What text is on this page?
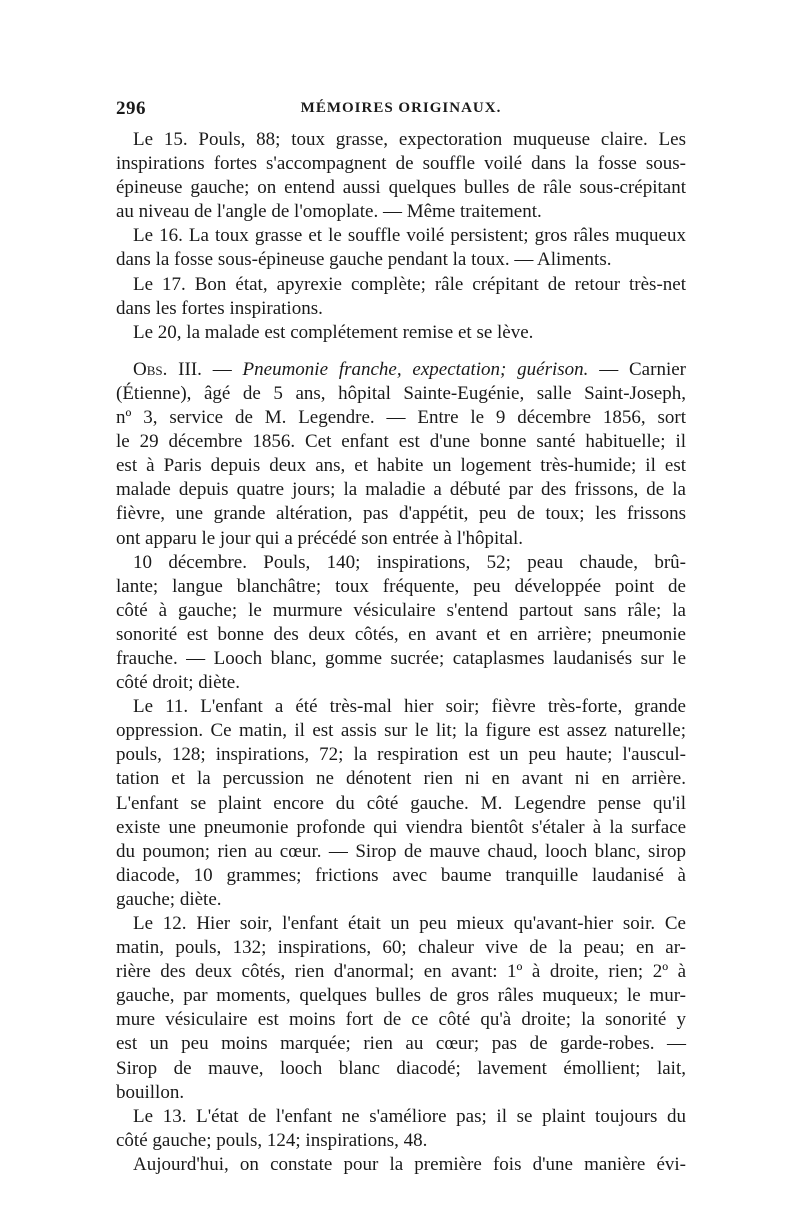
296	MÉMOIRES ORIGINAUX.
Le 15. Pouls, 88; toux grasse, expectoration muqueuse claire. Les
inspirations fortes s'accompagnent de souffle voilé dans la fosse sous-
épineuse gauche; on entend aussi quelques bulles de râle sous-crépitant
au niveau de l'angle de l'omoplate. — Même traitement.
Le 16. La toux grasse et le souffle voilé persistent; gros râles muqueux
dans la fosse sous-épineuse gauche pendant la toux. — Aliments.
Le 17. Bon état, apyrexie complète; râle crépitant de retour très-net
dans les fortes inspirations.
Le 20, la malade est complétement remise et se lève.
Obs. III. — Pneumonie franche, expectation; guérison. — Carnier
(Étienne), âgé de 5 ans, hôpital Sainte-Eugénie, salle Saint-Joseph,
nº 3, service de M. Legendre. — Entre le 9 décembre 1856, sort
le 29 décembre 1856. Cet enfant est d'une bonne santé habituelle; il
est à Paris depuis deux ans, et habite un logement très-humide; il est
malade depuis quatre jours; la maladie a débuté par des frissons, de la
fièvre, une grande altération, pas d'appétit, peu de toux; les frissons
ont apparu le jour qui a précédé son entrée à l'hôpital.
10 décembre. Pouls, 140; inspirations, 52; peau chaude, brû-
lante; langue blanchâtre; toux fréquente, peu développée point de
côté à gauche; le murmure vésiculaire s'entend partout sans râle; la
sonorité est bonne des deux côtés, en avant et en arrière; pneumonie
frauche. — Looch blanc, gomme sucrée; cataplasmes laudanisés sur le
côté droit; diète.
Le 11. L'enfant a été très-mal hier soir; fièvre très-forte, grande
oppression. Ce matin, il est assis sur le lit; la figure est assez naturelle;
pouls, 128; inspirations, 72; la respiration est un peu haute; l'auscul-
tation et la percussion ne dénotent rien ni en avant ni en arrière.
L'enfant se plaint encore du côté gauche. M. Legendre pense qu'il
existe une pneumonie profonde qui viendra bientôt s'étaler à la surface
du poumon; rien au cœur. — Sirop de mauve chaud, looch blanc, sirop
diacode, 10 grammes; frictions avec baume tranquille laudanisé à
gauche; diète.
Le 12. Hier soir, l'enfant était un peu mieux qu'avant-hier soir. Ce
matin, pouls, 132; inspirations, 60; chaleur vive de la peau; en ar-
rière des deux côtés, rien d'anormal; en avant: 1º à droite, rien; 2º à
gauche, par moments, quelques bulles de gros râles muqueux; le mur-
mure vésiculaire est moins fort de ce côté qu'à droite; la sonorité y
est un peu moins marquée; rien au cœur; pas de garde-robes. —
Sirop de mauve, looch blanc diacodé; lavement émollient; lait,
bouillon.
Le 13. L'état de l'enfant ne s'améliore pas; il se plaint toujours du
côté gauche; pouls, 124; inspirations, 48.
Aujourd'hui, on constate pour la première fois d'une manière évi-
